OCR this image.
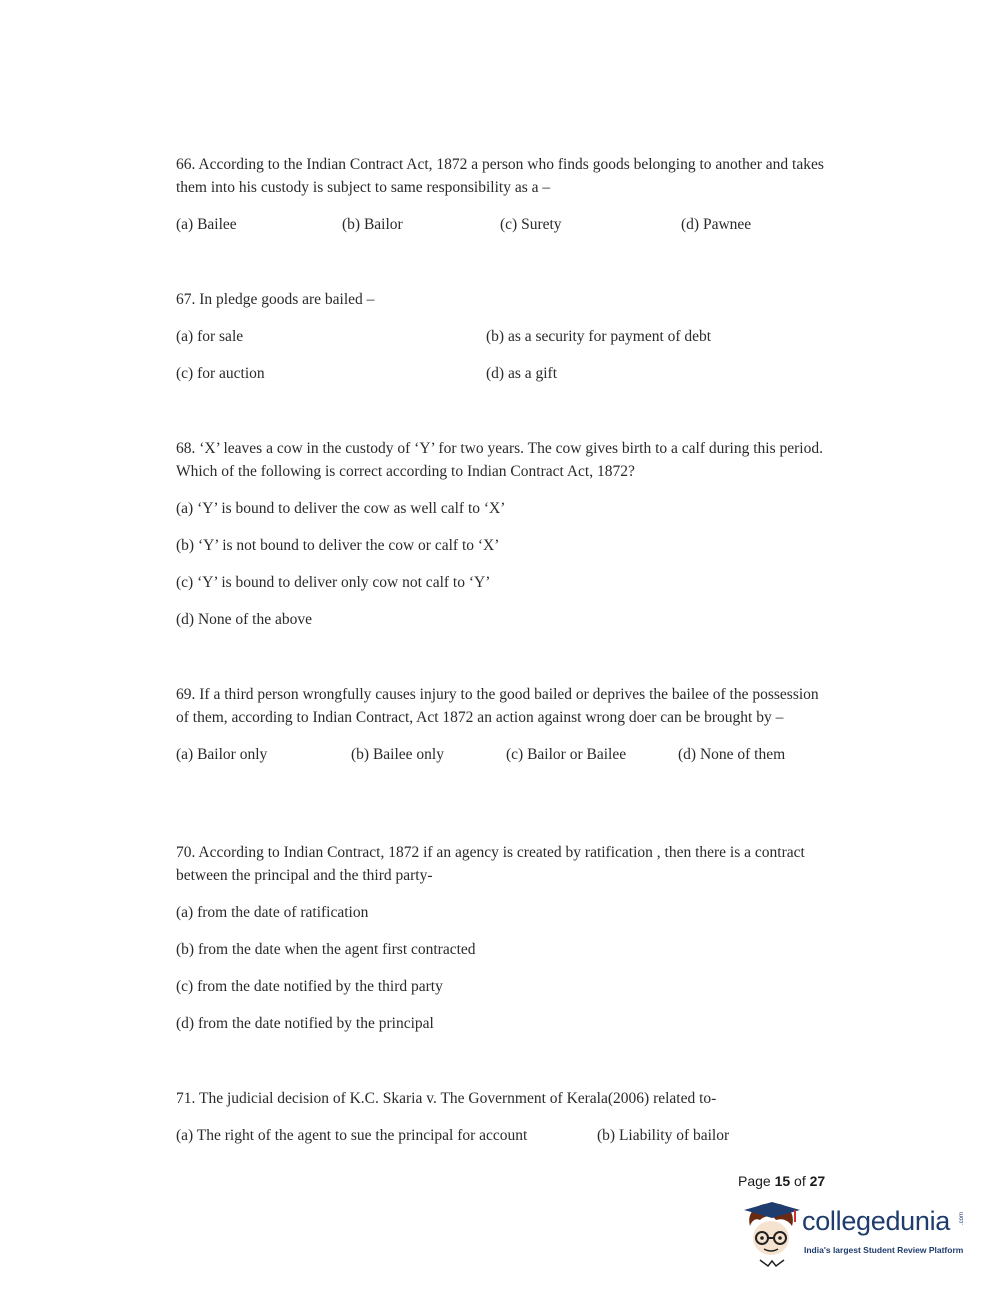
66. According to the Indian Contract Act, 1872 a person who finds goods belonging to another and takes them into his custody is subject to same responsibility as a –

(a) Bailee	(b) Bailor	(c) Surety	(d) Pawnee

67. In pledge goods are bailed –

(a) for sale	(b) as a security for payment of debt
(c) for auction	(d) as a gift

68. ‘X’ leaves a cow in the custody of ‘Y’ for two years. The cow gives birth to a calf during this period. Which of the following is correct according to Indian Contract Act, 1872?

(a) ‘Y’ is bound to deliver the cow as well calf to ‘X’
(b) ‘Y’ is not bound to deliver the cow or calf to ‘X’
(c) ‘Y’ is bound to deliver only cow not calf to ‘Y’
(d) None of the above

69. If a third person wrongfully causes injury to the good bailed or deprives the bailee of the possession of them, according to Indian Contract, Act 1872 an action against wrong doer can be brought by –

(a) Bailor only	(b) Bailee only	(c) Bailor or Bailee	(d) None of them

70. According to Indian Contract, 1872 if an agency is created by ratification , then there is a contract between the principal and the third party-

(a) from the date of ratification
(b) from the date when the agent first contracted
(c) from the date notified by the third party
(d) from the date notified by the principal

71. The judicial decision of K.C. Skaria v. The Government of Kerala(2006) related to-

(a) The right of the agent to sue the principal for account	(b) Liability of bailor
Page 15 of 27
collegedunia .com
India's largest Student Review Platform
